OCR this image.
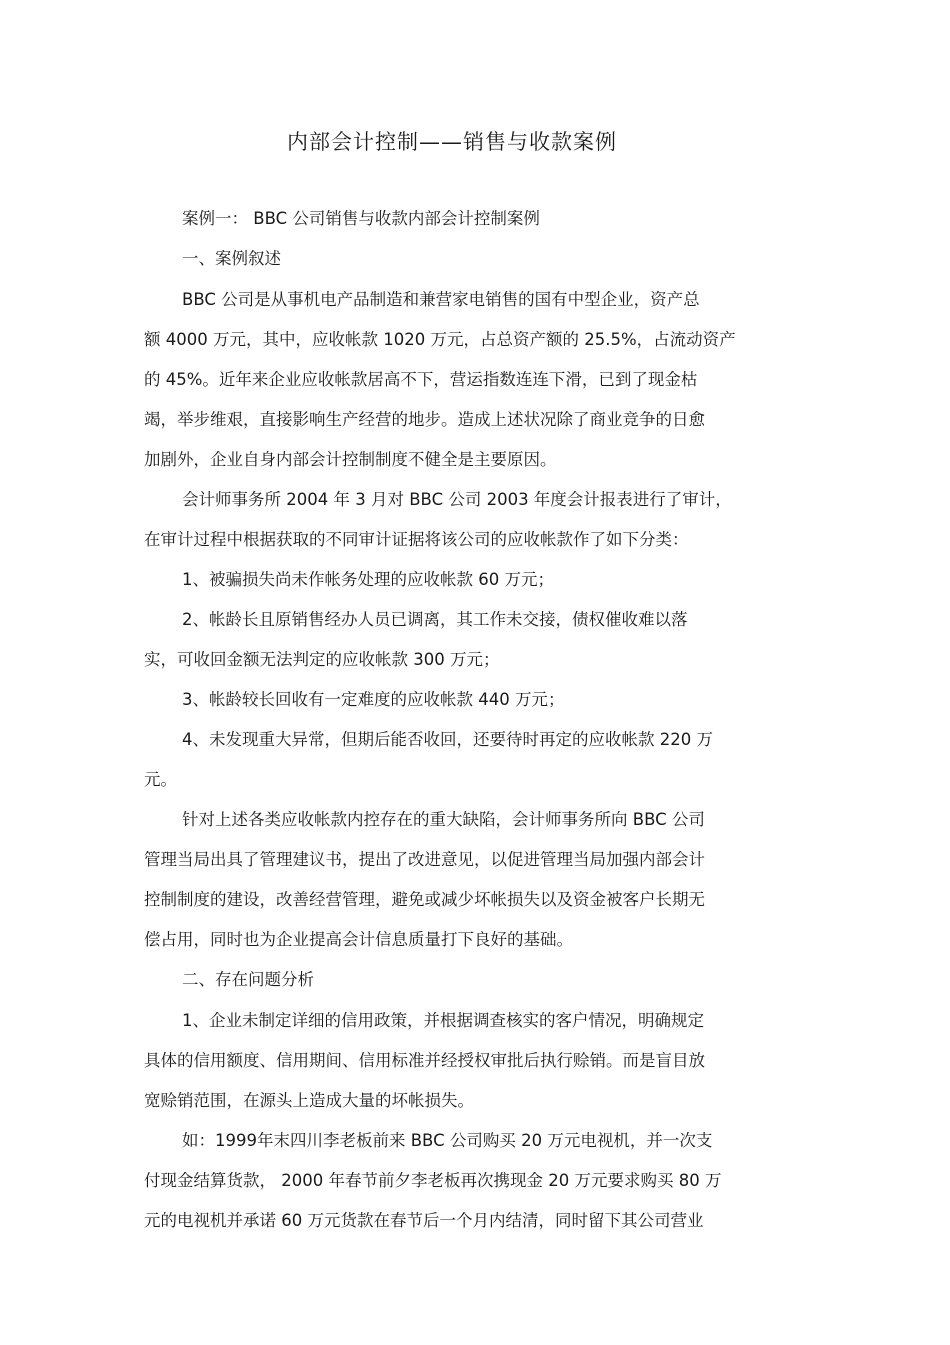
内部会计控制——销售与收款案例
案例一： BBC 公司销售与收款内部会计控制案例
一、案例叙述
BBC 公司是从事机电产品制造和兼营家电销售的国有中型企业，资产总
额 4000 万元，其中，应收帐款 1020 万元，占总资产额的 25.5%，占流动资产
的 45%。近年来企业应收帐款居高不下，营运指数连连下滑，已到了现金枯
竭，举步维艰，直接影响生产经营的地步。造成上述状况除了商业竞争的日愈
加剧外，企业自身内部会计控制制度不健全是主要原因。
会计师事务所 2004 年 3 月对 BBC 公司 2003 年度会计报表进行了审计，
在审计过程中根据获取的不同审计证据将该公司的应收帐款作了如下分类：
1、被骗损失尚未作帐务处理的应收帐款 60 万元；
2、帐龄长且原销售经办人员已调离，其工作未交接，债权催收难以落
实，可收回金额无法判定的应收帐款 300 万元；
3、帐龄较长回收有一定难度的应收帐款 440 万元；
4、未发现重大异常，但期后能否收回，还要待时再定的应收帐款 220 万
元。
针对上述各类应收帐款内控存在的重大缺陷，会计师事务所向 BBC 公司
管理当局出具了管理建议书，提出了改进意见，以促进管理当局加强内部会计
控制制度的建设，改善经营管理，避免或减少坏帐损失以及资金被客户长期无
偿占用，同时也为企业提高会计信息质量打下良好的基础。
二、存在问题分析
1、企业未制定详细的信用政策，并根据调查核实的客户情况，明确规定
具体的信用额度、信用期间、信用标准并经授权审批后执行赊销。而是盲目放
宽赊销范围，在源头上造成大量的坏帐损失。
如：1999年末四川李老板前来 BBC 公司购买 20 万元电视机，并一次支
付现金结算货款， 2000 年春节前夕李老板再次携现金 20 万元要求购买 80 万
元的电视机并承诺 60 万元货款在春节后一个月内结清，同时留下其公司营业
